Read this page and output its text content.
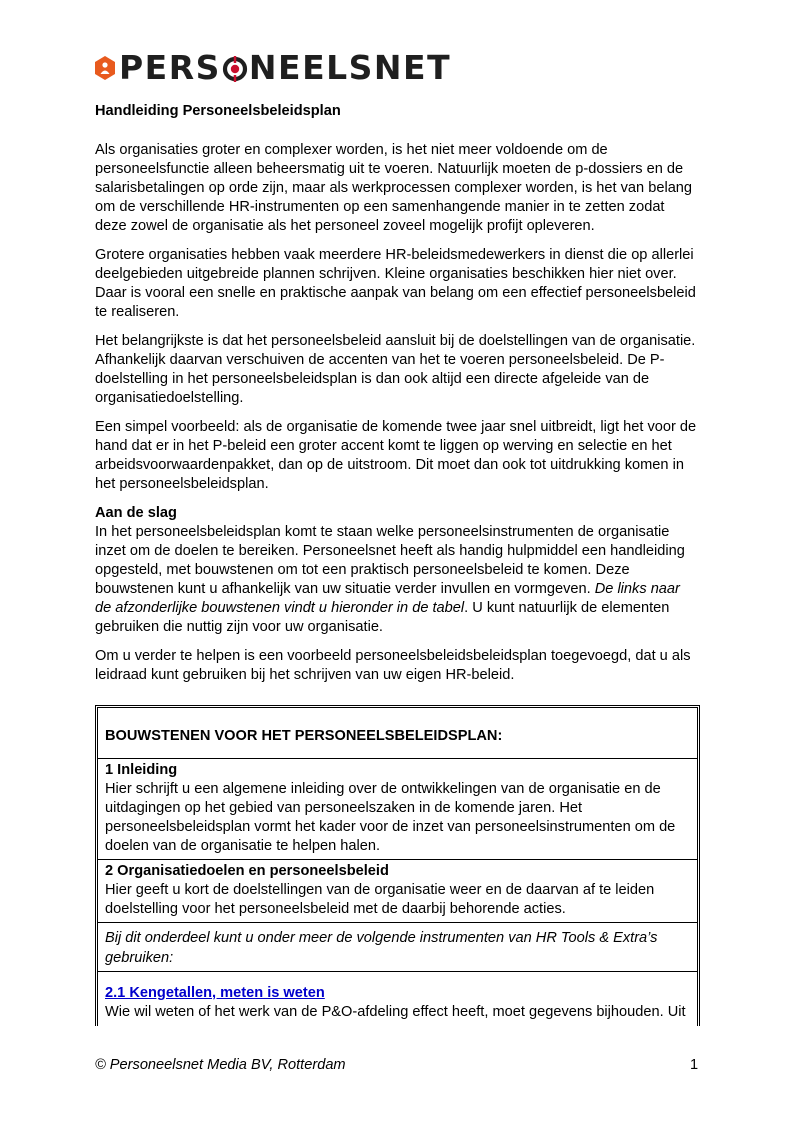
PERS NEELSNET
Handleiding Personeelsbeleidsplan

Als organisaties groter en complexer worden, is het niet meer voldoende om de personeelsfunctie alleen beheersmatig uit te voeren. Natuurlijk moeten de p-dossiers en de salarisbetalingen op orde zijn, maar als werkprocessen complexer worden, is het van belang om de verschillende HR-instrumenten op een samenhangende manier in te zetten zodat deze zowel de organisatie als het personeel zoveel mogelijk profijt opleveren.

Grotere organisaties hebben vaak meerdere HR-beleidsmedewerkers in dienst die op allerlei deelgebieden uitgebreide plannen schrijven. Kleine organisaties beschikken hier niet over. Daar is vooral een snelle en praktische aanpak van belang om een effectief personeelsbeleid te realiseren.

Het belangrijkste is dat het personeelsbeleid aansluit bij de doelstellingen van de organisatie. Afhankelijk daarvan verschuiven de accenten van het te voeren personeelsbeleid. De P-doelstelling in het personeelsbeleidsplan is dan ook altijd een directe afgeleide van de organisatiedoelstelling.

Een simpel voorbeeld: als de organisatie de komende twee jaar snel uitbreidt, ligt het voor de hand dat er in het P-beleid een groter accent komt te liggen op werving en selectie en het arbeidsvoorwaardenpakket, dan op de uitstroom. Dit moet dan ook tot uitdrukking komen in het personeelsbeleidsplan.

Aan de slag

In het personeelsbeleidsplan komt te staan welke personeelsinstrumenten de organisatie inzet om de doelen te bereiken. Personeelsnet heeft als handig hulpmiddel een handleiding opgesteld, met bouwstenen om tot een praktisch personeelsbeleid te komen. Deze bouwstenen kunt u afhankelijk van uw situatie verder invullen en vormgeven. De links naar de afzonderlijke bouwstenen vindt u hieronder in de tabel. U kunt natuurlijk de elementen gebruiken die nuttig zijn voor uw organisatie.

Om u verder te helpen is een voorbeeld personeelsbeleidsbeleidsplan toegevoegd, dat u als leidraad kunt gebruiken bij het schrijven van uw eigen HR-beleid.

BOUWSTENEN VOOR HET PERSONEELSBELEIDSPLAN:
1 Inleiding
Hier schrijft u een algemene inleiding over de ontwikkelingen van de organisatie en de uitdagingen op het gebied van personeelszaken in de komende jaren. Het personeelsbeleidsplan vormt het kader voor de inzet van personeelsinstrumenten om de doelen van de organisatie te helpen halen.
2 Organisatiedoelen en personeelsbeleid
Hier geeft u kort de doelstellingen van de organisatie weer en de daarvan af te leiden doelstelling voor het personeelsbeleid met de daarbij behorende acties.
Bij dit onderdeel kunt u onder meer de volgende instrumenten van HR Tools & Extra’s gebruiken:
2.1 Kengetallen, meten is weten
Wie wil weten of het werk van de P&O-afdeling effect heeft, moet gegevens bijhouden. Uit
© Personeelsnet Media BV, Rotterdam	1
